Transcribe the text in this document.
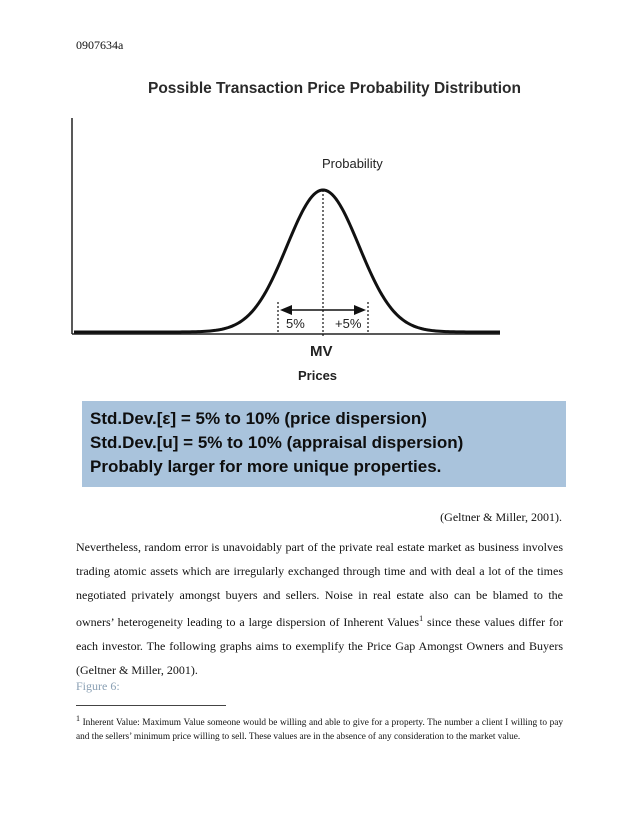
0907634a
Possible Transaction Price Probability Distribution
Probability
5% +5%
MV
Prices
Std.Dev.[ε] = 5% to 10% (price dispersion)
Std.Dev.[u] = 5% to 10% (appraisal dispersion)
Probably larger for more unique properties.
(Geltner & Miller, 2001).

Nevertheless, random error is unavoidably part of the private real estate market as business involves trading atomic assets which are irregularly exchanged through time and with deal a lot of the times negotiated privately amongst buyers and sellers. Noise in real estate also can be blamed to the owners’ heterogeneity leading to a large dispersion of Inherent Values$^1$ since these values differ for each investor. The following graphs aims to exemplify the Price Gap Amongst Owners and Buyers (Geltner & Miller, 2001).

Figure 6:
$^1$ Inherent Value: Maximum Value someone would be willing and able to give for a property. The number a client I willing to pay and the sellers’ minimum price willing to sell. These values are in the absence of any consideration to the market value.
